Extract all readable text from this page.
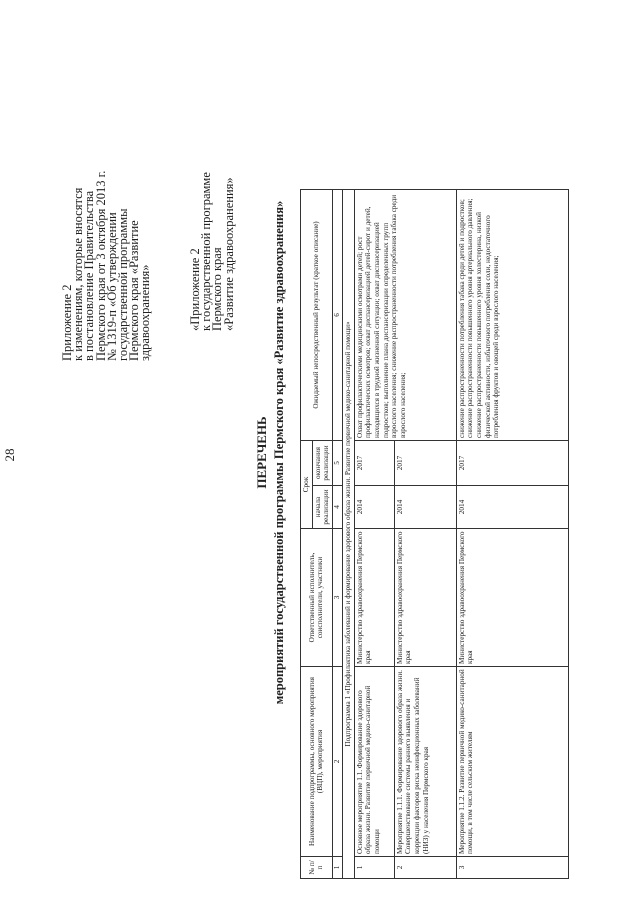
28
Приложение 2
к изменениям, которые вносятся
в постановление Правительства
Пермского края от 3 октября 2013 г.
№ 1319-п «Об утверждении
государственной программы
Пермского края «Развитие
здравоохранения»	«Приложение 2
к государственной программе
Пермского края
«Развитие здравоохранения»
ПЕРЕЧЕНЬ мероприятий государственной программы Пермского края «Развитие здравоохранения»
№ п/п	Наименование подпрограммы, основного мероприятия (ВЦП), мероприятия	Ответственный исполнитель, соисполнители, участники	Срок		Ожидаемый непосредственный результат (краткое описание)
			начала реализации	окончания реализации	
1	2	3	4	5	6
Подпрограмма 1 «Профилактика заболеваний и формирование здорового образа жизни. Развитие первичной медико-санитарной помощи»					
1	Основное мероприятие 1.1. Формирование здорового образа жизни. Развитие первичной медико-санитарной помощи	Министерство здравоохранения Пермского края	2014	2017	Охват профилактическими медицинскими осмотрами детей; рост профилактических осмотров; охват диспансеризацией детей-сирот и детей, находящихся в трудной жизненной ситуации; охват диспансеризацией подростков; выполнение плана диспансеризации определенных групп взрослого населения; снижение распространенности потребления табака среди взрослого населения;
2	Мероприятие 1.1.1. Формирование здорового образа жизни. Совершенствование системы раннего выявления и коррекции факторов риска неинфекционных заболеваний (НИЗ) у населения Пермского края	Министерство здравоохранения Пермского края	2014	2017	
3	Мероприятие 1.1.2. Развитие первичной медико-санитарной помощи, в том числе сельским жителям	Министерство здравоохранения Пермского края	2014	2017	снижение распространенности потребления табака среди детей и подростков; снижение распространенности повышенного уровня артериального давления; снижение распространенности повышенного уровня холестерина, низкой физической активности, избыточного потребления соли, недостаточного потребления фруктов и овощей среди взрослого населения;
